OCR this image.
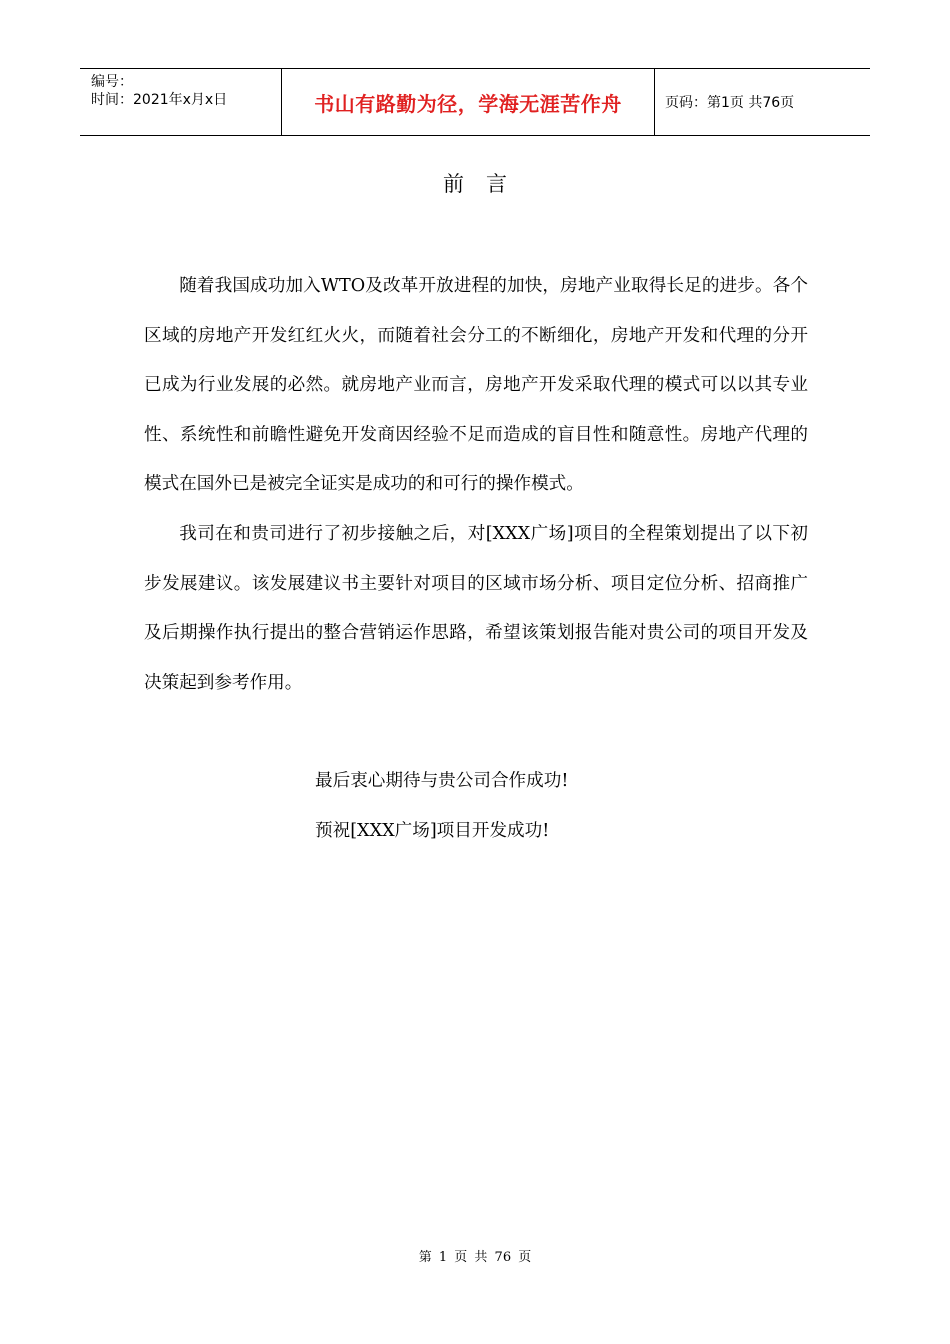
编号：
时间：2021年x月x日	书山有路勤为径，学海无涯苦作舟	页码：第1页 共76页
前言

随着我国成功加入WTO及改革开放进程的加快，房地产业取得长足的进步。各个区域的房地产开发红红火火，而随着社会分工的不断细化，房地产开发和代理的分开已成为行业发展的必然。就房地产业而言，房地产开发采取代理的模式可以以其专业性、系统性和前瞻性避免开发商因经验不足而造成的盲目性和随意性。房地产代理的模式在国外已是被完全证实是成功的和可行的操作模式。

我司在和贵司进行了初步接触之后，对[XXX广场]项目的全程策划提出了以下初步发展建议。该发展建议书主要针对项目的区域市场分析、项目定位分析、招商推广及后期操作执行提出的整合营销运作思路，希望该策划报告能对贵公司的项目开发及决策起到参考作用。

最后衷心期待与贵公司合作成功!
预祝[XXX广场]项目开发成功!
第 1 页 共 76 页
